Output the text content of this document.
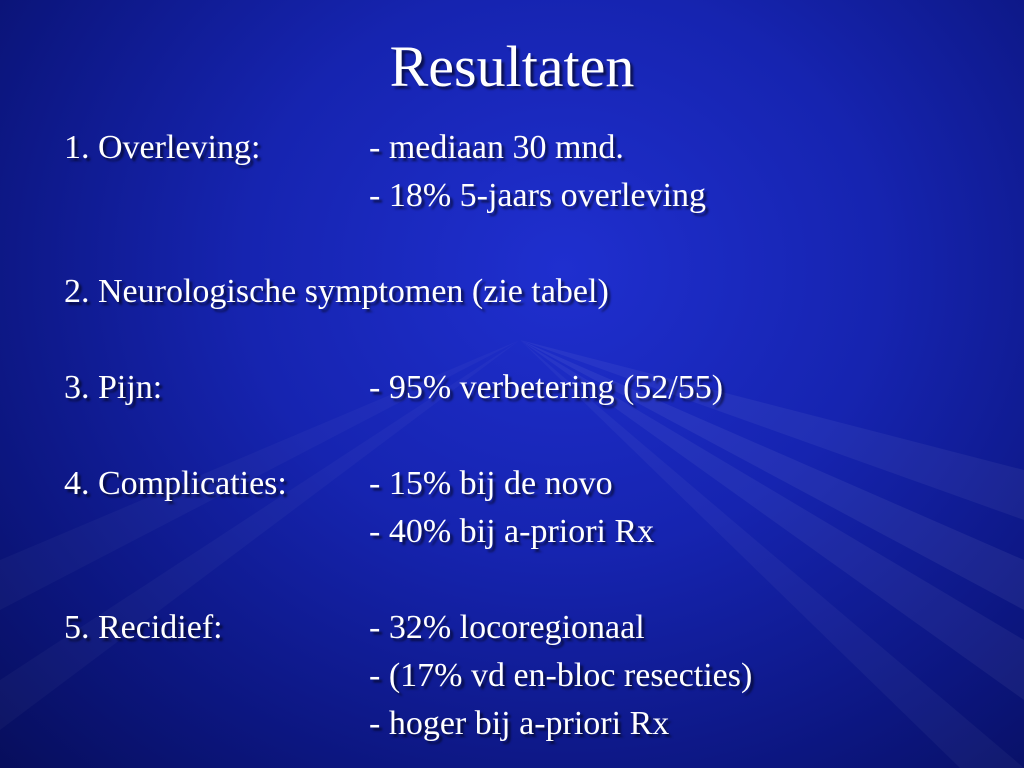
Resultaten
1. Overleving:	- mediaan 30 mnd.
- 18% 5-jaars overleving
2. Neurologische symptomen (zie tabel)
3. Pijn:	- 95% verbetering (52/55)
4. Complicaties:	- 15% bij de novo
- 40% bij a-priori Rx
5. Recidief:	- 32% locoregionaal
- (17% vd en-bloc resecties)
- hoger bij a-priori Rx
